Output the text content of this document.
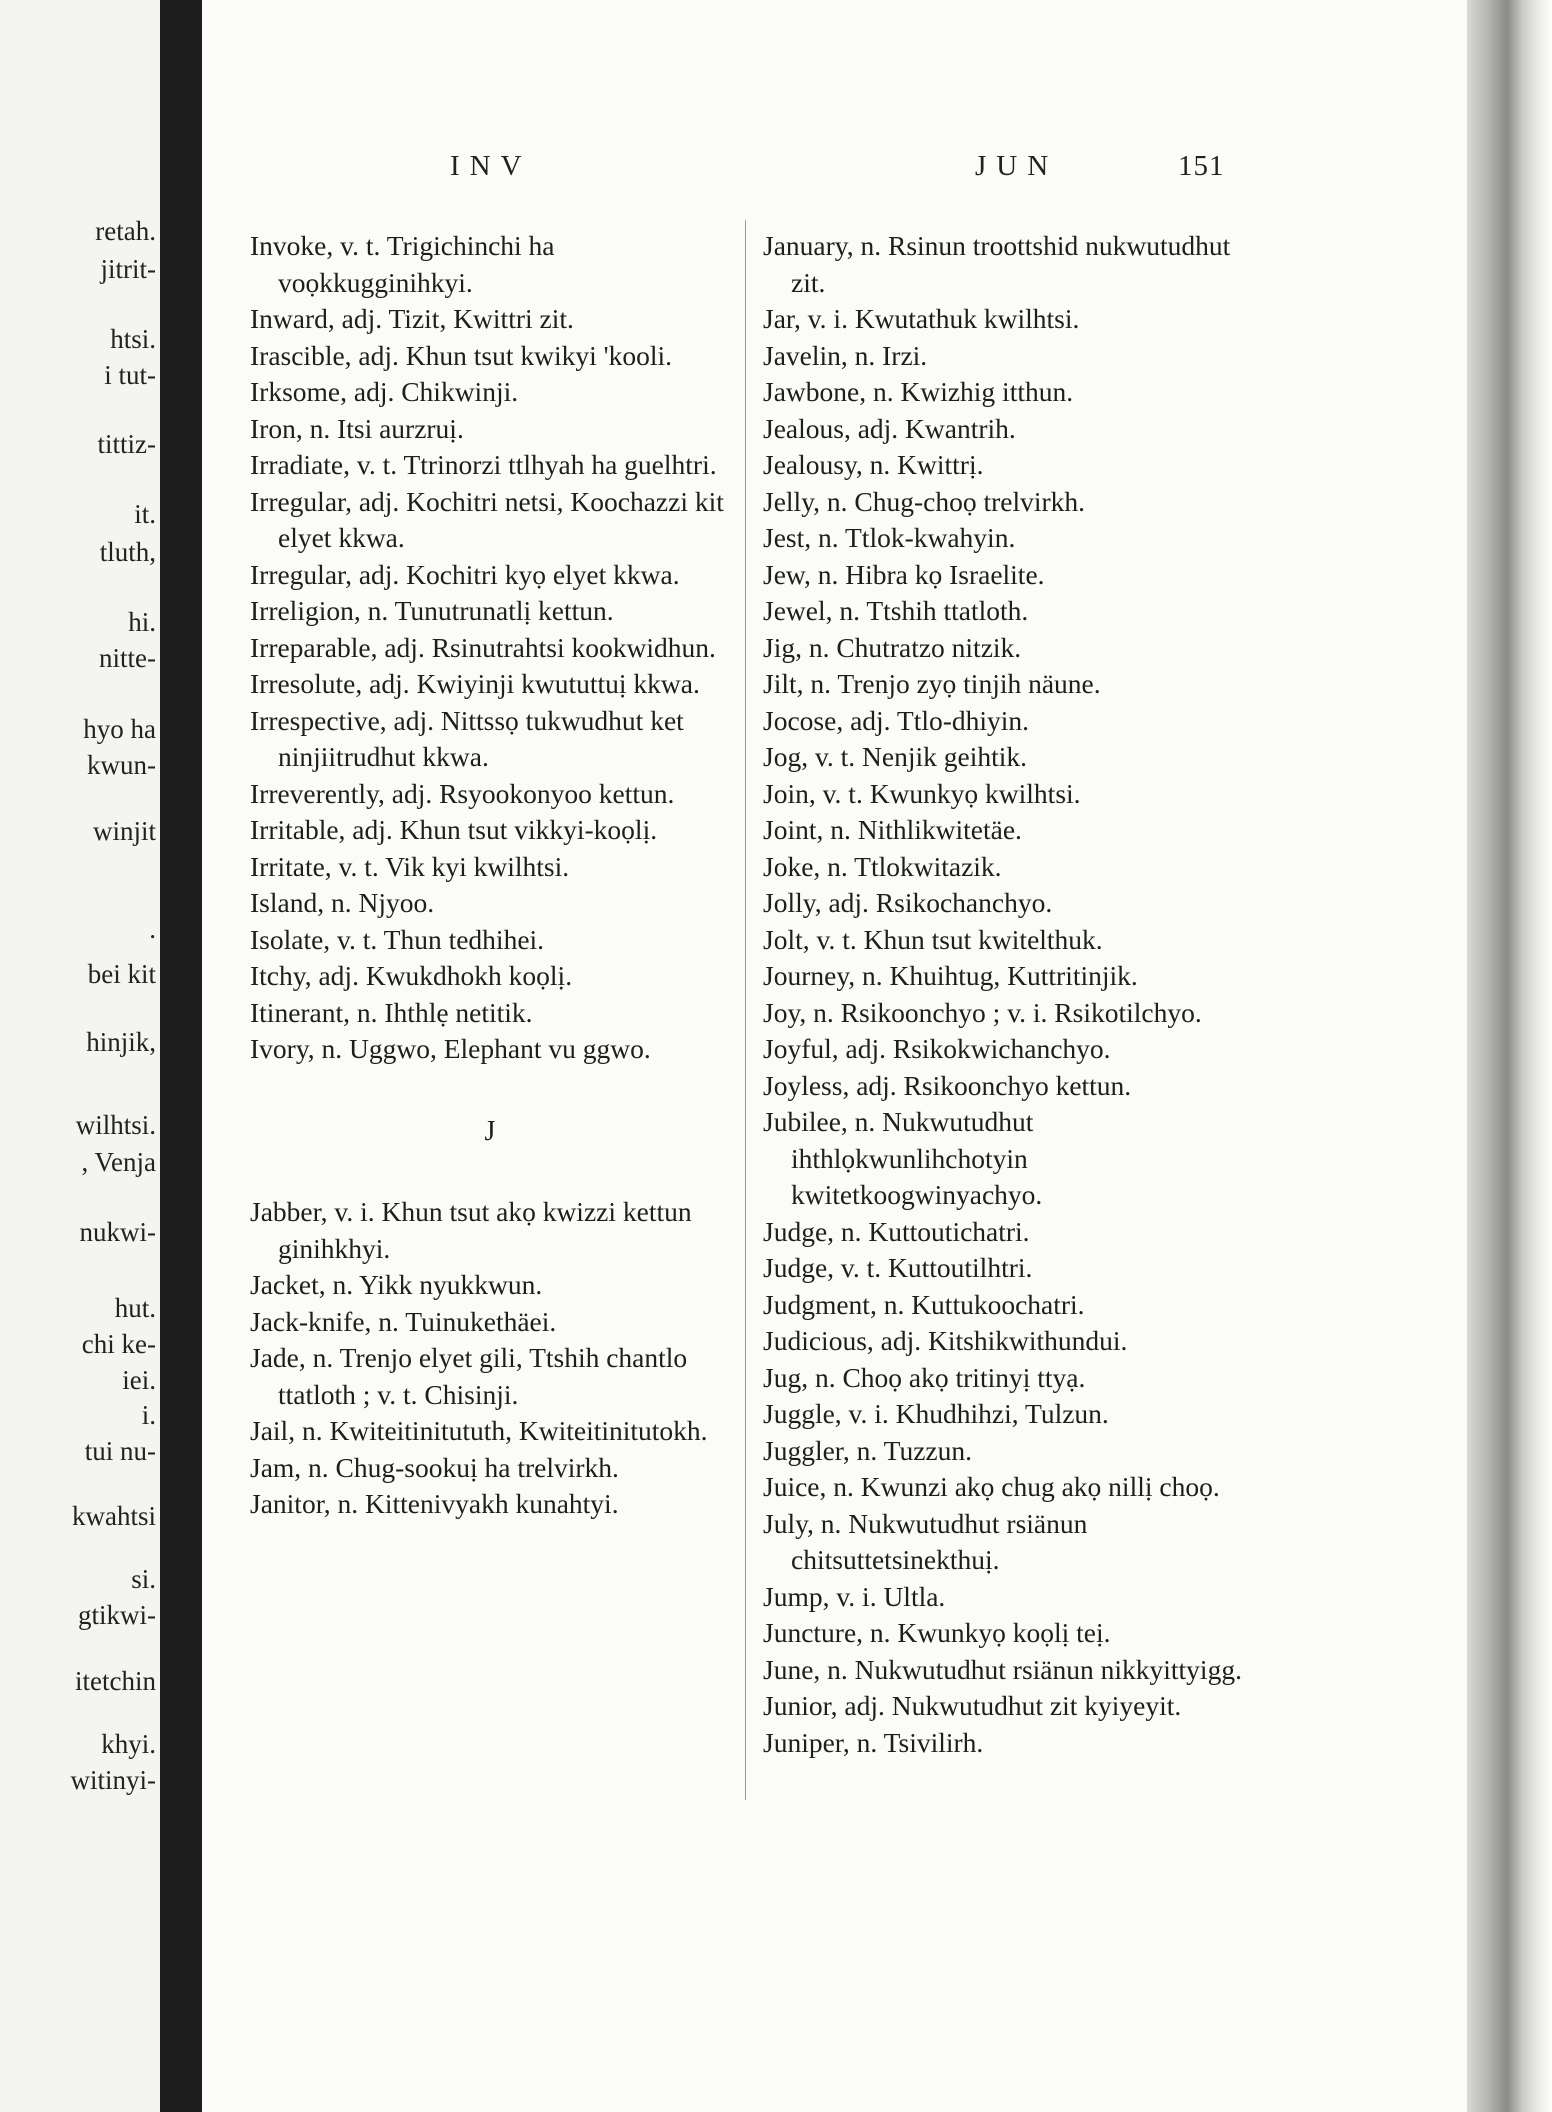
retah.
jitrit-
htsi.
i tut-
tittiz-
it.
tluth,
hi.
nitte-
hyo ha
kwun-
winjit
.
bei kit
hinjik,
wilhtsi.
, Venja
nukwi-
hut.
chi ke-
iei.
i.
tui nu-
kwahtsi
si.
gtikwi-
itetchin
khyi.
witinyi-
INV	JUN	151

Invoke, v. t. Trigichinchi ha voọkkugginihkyi.

Inward, adj. Tizit, Kwittri zit.

Irascible, adj. Khun tsut kwikyi 'kooli.

Irksome, adj. Chikwinji.

Iron, n. Itsi aurzruị.

Irradiate, v. t. Ttrinorzi ttlhyah ha guelhtri.

Irregular, adj. Kochitri netsi, Koochazzi kit elyet kkwa.

Irregular, adj. Kochitri kyọ elyet kkwa.

Irreligion, n. Tunutrunatlị kettun.

Irreparable, adj. Rsinutrahtsi kookwidhun.

Irresolute, adj. Kwiyinji kwututtuị kkwa.

Irrespective, adj. Nittssọ tukwudhut ket ninjiitrudhut kkwa.

Irreverently, adj. Rsyookonyoo kettun.

Irritable, adj. Khun tsut vikkyi-koọlị.

Irritate, v. t. Vik kyi kwilhtsi.

Island, n. Njyoo.

Isolate, v. t. Thun tedhihei.

Itchy, adj. Kwukdhokh koọlị.

Itinerant, n. Ihthlẹ netitik.

Ivory, n. Uggwo, Elephant vu ggwo.

J

Jabber, v. i. Khun tsut akọ kwizzi kettun ginihkhyi.

Jacket, n. Yikk nyukkwun.

Jack-knife, n. Tuinukethäei.

Jade, n. Trenjo elyet gili, Ttshih chantlo ttatloth ; v. t. Chisinji.

Jail, n. Kwiteitinitututh, Kwiteitinitutokh.

Jam, n. Chug-sookuị ha trelvirkh.

Janitor, n. Kittenivyakh kunahtyi.

January, n. Rsinun troottshid nukwutudhut zit.

Jar, v. i. Kwutathuk kwilhtsi.

Javelin, n. Irzi.

Jawbone, n. Kwizhig itthun.

Jealous, adj. Kwantrih.

Jealousy, n. Kwittrị.

Jelly, n. Chug-choọ trelvirkh.

Jest, n. Ttlok-kwahyin.

Jew, n. Hibra kọ Israelite.

Jewel, n. Ttshih ttatloth.

Jig, n. Chutratzo nitzik.

Jilt, n. Trenjo zyọ tinjih näune.

Jocose, adj. Ttlo-dhiyin.

Jog, v. t. Nenjik geihtik.

Join, v. t. Kwunkyọ kwilhtsi.

Joint, n. Nithlikwitetäe.

Joke, n. Ttlokwitazik.

Jolly, adj. Rsikochanchyo.

Jolt, v. t. Khun tsut kwitelthuk.

Journey, n. Khuihtug, Kuttritinjik.

Joy, n. Rsikoonchyo ; v. i. Rsikotilchyo.

Joyful, adj. Rsikokwichanchyo.

Joyless, adj. Rsikoonchyo kettun.

Jubilee, n. Nukwutudhut ihthlọkwunlihchotyin kwitetkoogwinyachyo.

Judge, n. Kuttoutichatri.

Judge, v. t. Kuttoutilhtri.

Judgment, n. Kuttukoochatri.

Judicious, adj. Kitshikwithundui.

Jug, n. Choọ akọ tritinyị ttyạ.

Juggle, v. i. Khudhihzi, Tulzun.

Juggler, n. Tuzzun.

Juice, n. Kwunzi akọ chug akọ nillị choọ.

July, n. Nukwutudhut rsiänun chitsuttetsinekthuị.

Jump, v. i. Ultla.

Juncture, n. Kwunkyọ koọlị teị.

June, n. Nukwutudhut rsiänun nikkyittyigg.

Junior, adj. Nukwutudhut zit kyiyeyit.

Juniper, n. Tsivilirh.
